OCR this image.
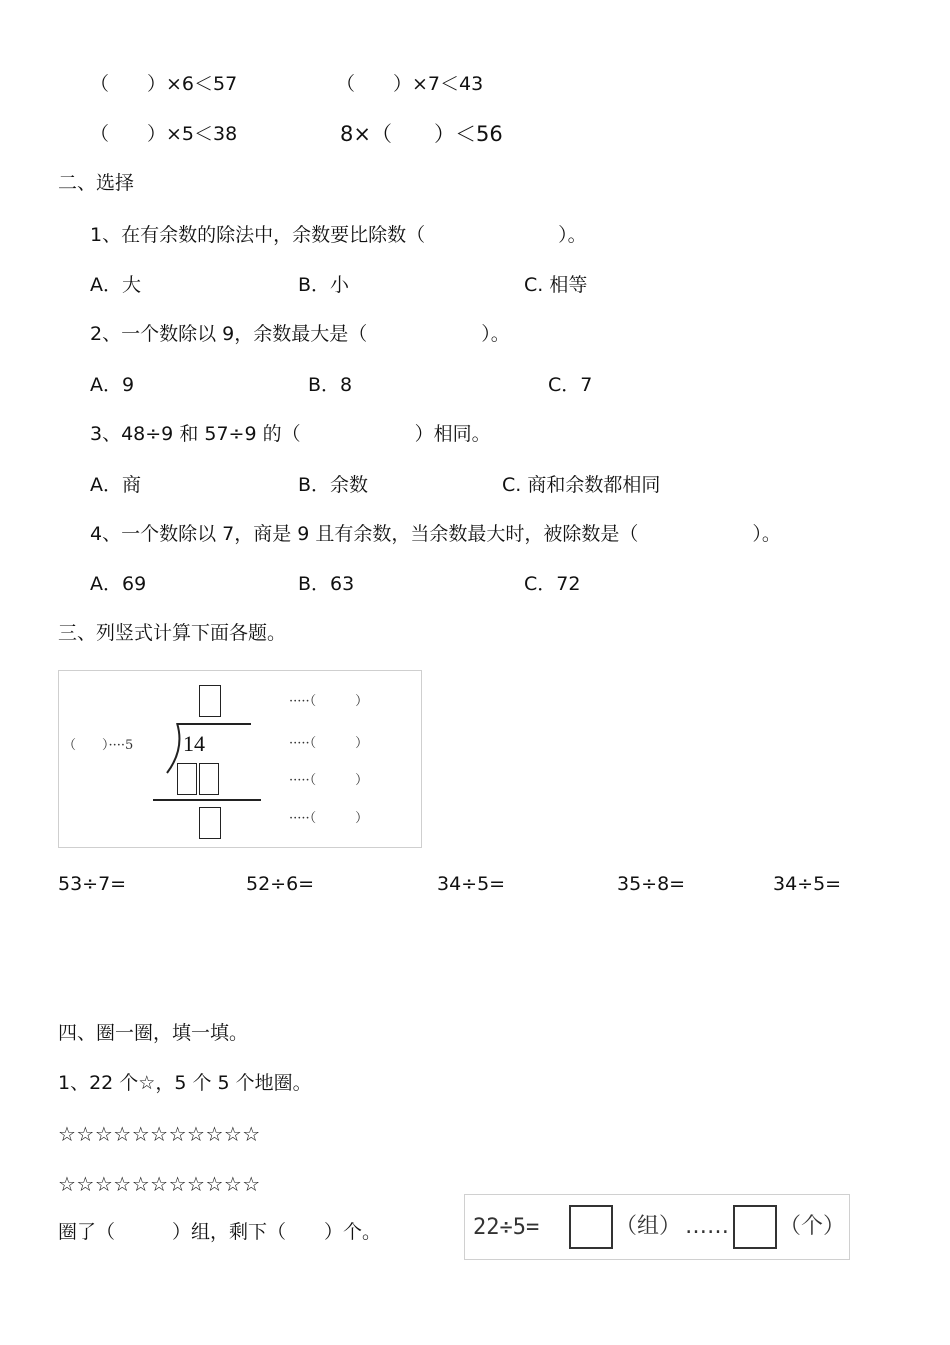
（　　）×6＜57	（　　）×7＜43
（　　）×5＜38	8×（　　）＜56
二、选择
1、在有余数的除法中，余数要比除数（　　　　　　　）。
A．大	B．小	C. 相等
2、一个数除以 9，余数最大是（　　　　　　）。
A．9	B．8	C．7
3、48÷9 和 57÷9 的（　　　　　　）相同。
A．商	B．余数	C. 商和余数都相同
4、一个数除以 7，商是 9 且有余数，当余数最大时，被除数是（　　　　　　）。
A．69	B．63	C．72
三、列竖式计算下面各题。
14
（　　）····5
·····（　　　）
·····（　　　）
·····（　　　）
·····（　　　）
53÷7=	52÷6=	34÷5=	35÷8=	34÷5=
四、圈一圈，填一填。
1、22 个☆，5 个 5 个地圈。
☆☆☆☆☆☆☆☆☆☆☆
☆☆☆☆☆☆☆☆☆☆☆
圈了（　　　）组，剩下（　　）个。	22÷5=	（组） …… （个）
